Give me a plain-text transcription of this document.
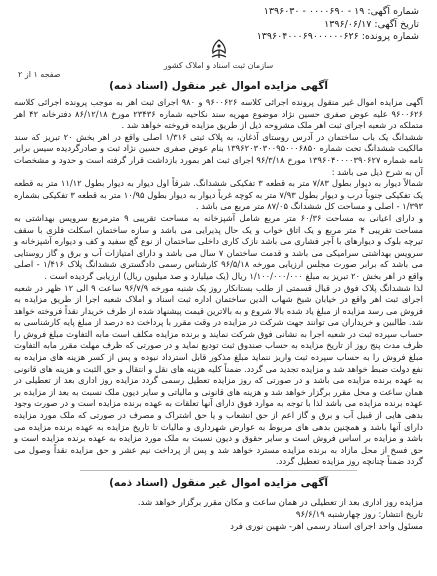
شماره آگهی: ۱۹ - ۰۰۰۰۶۹۰ - ۱۳۹۶۰۳۰
تاریخ آگهی: ۱۳۹۶/۰۶/۱۷
شماره پرونده: ۱۳۹۶۰۴۰۰۰۶۹۰۰۰۰۰۰۶۲۶
سازمان ثبت اسناد و املاک کشور
صفحه ۱ از ۲
آگهی مزایده اموال غیر منقول (اسناد ذمه)

آگهی مزایده اموال غیر منقول پرونده اجرائی کلاسه ۹۶۰۰۶۲۶ و ۹۸۰ اجرای ثبت اهر به موجب پرونده اجرائی کلاسه ۹۶۰۰۶۲۶ علیه عوض صفری حسین نژاد موضوع مهریه سند نکاحیه شماره ۲۳۴۳۶ مورخ ۸۶/۱۲/۱۸ دفترخانه ۴۲ اهر متملکه در شعبه اجرای ثبت اهر ملک مشروحه ذیل از طریق مزایده فروخته خواهد شد .

ششدانگ یک باب ساختمان در آدرس روستای آذغان، به پلاک ثبتی ۱/۳۱۶ اصلی واقع در اهر بخش ۲۰ تبریز که سند مالکیت ششدانگ تحت شماره ۱۳۹۶۲۰۳۰۳۰۰۹۵۰۰۰۶۸۵۰ بنام عوض صفری حسین نژاد ثبت و صادرگردیده سیس برابر نامه شماره ۱۳۹۶۰۴۰۰۰۰۳۹۰۶۲۷ مورخ ۹۶/۳/۱۸ اجرای ثبت اهر بمورد بازداشت قرار گرفته است و حدود و مشخصات آن به شرح ذیل می باشد :

شمالاً دیوار به دیوار بطول ۷/۸۳ متر به قطعه ۳ تفکیکی ششدانگ. شرقاً اول دیوار به دیوار بطول ۱۱/۱۲ متر به قطعه یک تفکیکی جنوباً درب و دیوار بطول ۷/۹۳ متر به کوچه غرباً دیوار به دیوار بطول ۱۰/۹۵ متر به قطعه ۳ تفکیکی بشماره ۱/۳۹۳ - اصلی و مساحت کل ششدانگ ۸۷/۰۵ متر مربع می باشد .

و دارای اعیانی به مساحت ۶۰/۳۶ متر مربع شامل آشپزخانه به مساحت تقریبی ۹ مترمربع سرویس بهداشتی به مساحت تقریبی ۴ متر مربع و یک اتاق خواب و یک حال پذیرایی می باشد و سازه ساختمان اسکلت فلزی با سقف تیرچه بلوک و دیوارهای با آجر فشاری می باشد نازک کاری داخلی ساختمان از نوع گچ سفید و کف و دیواره آشپزخانه و سرویس بهداشتی سرامیکی می باشد و قدمت ساختمان ۷ سال می باشد و دارای امتیازات آب و برق و گاز روستایی می باشد که برابر صورت مجلس ارزیابی مورخه ۹۶/۵/۱۸ کارشناس رسمی دادگستری ششدانگ پلاک ۱/۴۱۶ - اصلی واقع در اهر بخش ۲۰ تبریز به مبلغ ۱/۱۰۰/۰۰۰/۰۰۰ ریال (یک میلیارد و صد میلیون ریال) ارزیابی گردیده است .

لذا ششدانگ پلاک فوق در قبال قسمتی از طلب بستانکار روز یک شنبه مورخه ۹۶/۷/۹ ساعت ۹ الی ۱۲ ظهر در شعبه اجرای ثبت اهر واقع در خیابان شیخ شهاب الدین ساختمان اداره ثبت اسناد و املاک شعبه اجرا از طریق مزایده به فروش می رسد مزایده از مبلغ یاد شده بالا شروع و به بالاترین قیمت پیشنهاد شده از طرف خریدار نقداً فروخته خواهد شد. طالبین و خریداران می توانند جهت شرکت در مزایده در وقت مقرر با پرداخت ده درصد از مبلغ پایه کارشناسی به حساب سپرده ثبت در شعبه اجرا به نشانی فوق شرکت نمایند و برنده مزایده مکلف است مابه التفاوت مبلغ فروش را ظرف مدت پنج روز از تاریخ مزایده به حساب صندوق ثبت تودیع نماید و در صورتی که ظرف مهلت مقرر مابه التفاوت مبلغ فروش را به حساب سپرده ثبت واریز ننماید مبلغ مذکور قابل استرداد نبوده و پس از کسر هزینه های مزایده به نفع دولت ضبط خواهد شد و مزایده تجدید می گردد. ضمناً کلیه هزینه های نقل و انتقال و حق الثبت و هزینه های قانونی به عهده برنده مزایده می باشد و در صورتی که روز مزایده تعطیل رسمی گردد مزایده روز اداری بعد از تعطیلی در همان ساعت و محل مقرر برگزار خواهد شد و هزینه های قانونی و مالیاتی و سایر دیون ملک نسبت به بعد از مزایده بر عهده برنده مزایده می باشد لذا با توجه به موارد فوق دارای آنها تعلقات به عهده برنده مزایده است و در صورت وجود بدهی هایی از قبیل آب و برق و گاز اعم از حق انشعاب و یا حق اشتراک و مصرف در صورتی که ملک مورد مزایده دارای آنها باشد و همچنین بدهی های مربوط به عوارض شهرداری و مالیات تا تاریخ مزایده به عهده برنده مزایده می باشد و مزایده بر اساس فروش است و سایر حقوق و دیون نسبت به ملک مورد مزایده به عهده برنده مزایده است و حق فسخ از محل مازاد به برنده مزایده مسترد خواهد شد و پس از پرداخت نیم عشر و حق مزایده نقداً وصول می گردد ضمناً چنانچه روز مزایده تعطیل گردد.

آگهی مزایده اموال غیر منقول (اسناد ذمه)

مزایده روز اداری بعد از تعطیلی در همان ساعت و مکان مقرر برگزار خواهد شد.

تاریخ انتشار: روز چهارشنبه ۹۶/۶/۱۹

مسئول واحد اجرای اسناد رسمی اهر- شهین نوری فرد
